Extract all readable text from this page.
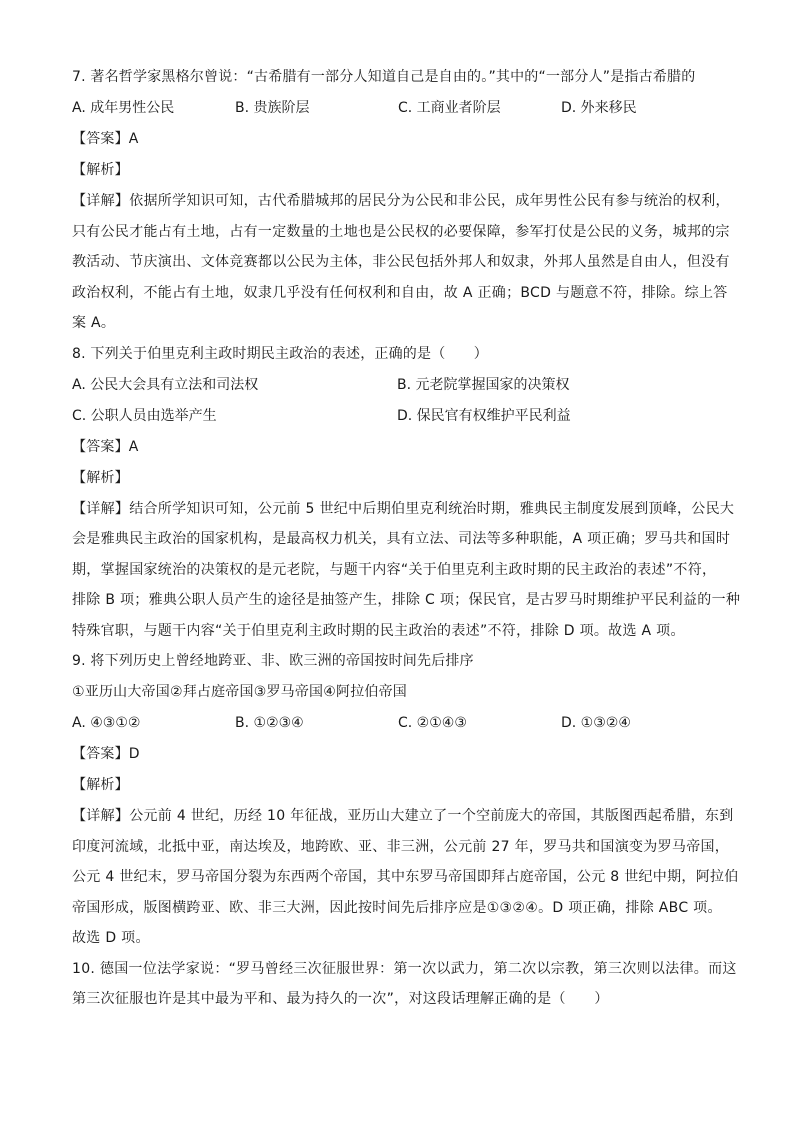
7. 著名哲学家黑格尔曾说：“古希腊有一部分人知道自己是自由的。”其中的“一部分人”是指古希腊的
A. 成年男性公民	B. 贵族阶层	C. 工商业者阶层	D. 外来移民
【答案】A
【解析】
【详解】依据所学知识可知，古代希腊城邦的居民分为公民和非公民，成年男性公民有参与统治的权利，
只有公民才能占有土地，占有一定数量的土地也是公民权的必要保障，参军打仗是公民的义务，城邦的宗
教活动、节庆演出、文体竞赛都以公民为主体，非公民包括外邦人和奴隶，外邦人虽然是自由人，但没有
政治权利，不能占有土地，奴隶几乎没有任何权利和自由，故 A 正确；BCD 与题意不符，排除。综上答
案 A。
8. 下列关于伯里克利主政时期民主政治的表述，正确的是（　　）
A. 公民大会具有立法和司法权	B. 元老院掌握国家的决策权
C. 公职人员由选举产生	D. 保民官有权维护平民利益
【答案】A
【解析】
【详解】结合所学知识可知，公元前 5 世纪中后期伯里克利统治时期，雅典民主制度发展到顶峰，公民大
会是雅典民主政治的国家机构，是最高权力机关，具有立法、司法等多种职能，A 项正确；罗马共和国时
期，掌握国家统治的决策权的是元老院，与题干内容“关于伯里克利主政时期的民主政治的表述”不符，
排除 B 项；雅典公职人员产生的途径是抽签产生，排除 C 项；保民官，是古罗马时期维护平民利益的一种
特殊官职，与题干内容“关于伯里克利主政时期的民主政治的表述”不符，排除 D 项。故选 A 项。
9. 将下列历史上曾经地跨亚、非、欧三洲的帝国按时间先后排序
①亚历山大帝国②拜占庭帝国③罗马帝国④阿拉伯帝国
A. ④③①②	B. ①②③④	C. ②①④③	D. ①③②④
【答案】D
【解析】
【详解】公元前 4 世纪，历经 10 年征战，亚历山大建立了一个空前庞大的帝国，其版图西起希腊，东到
印度河流域，北抵中亚，南达埃及，地跨欧、亚、非三洲，公元前 27 年，罗马共和国演变为罗马帝国，
公元 4 世纪末，罗马帝国分裂为东西两个帝国，其中东罗马帝国即拜占庭帝国，公元 8 世纪中期，阿拉伯
帝国形成，版图横跨亚、欧、非三大洲，因此按时间先后排序应是①③②④。D 项正确，排除 ABC 项。
故选 D 项。
10. 德国一位法学家说：“罗马曾经三次征服世界：第一次以武力，第二次以宗教，第三次则以法律。而这
第三次征服也许是其中最为平和、最为持久的一次”，对这段话理解正确的是（　　）
